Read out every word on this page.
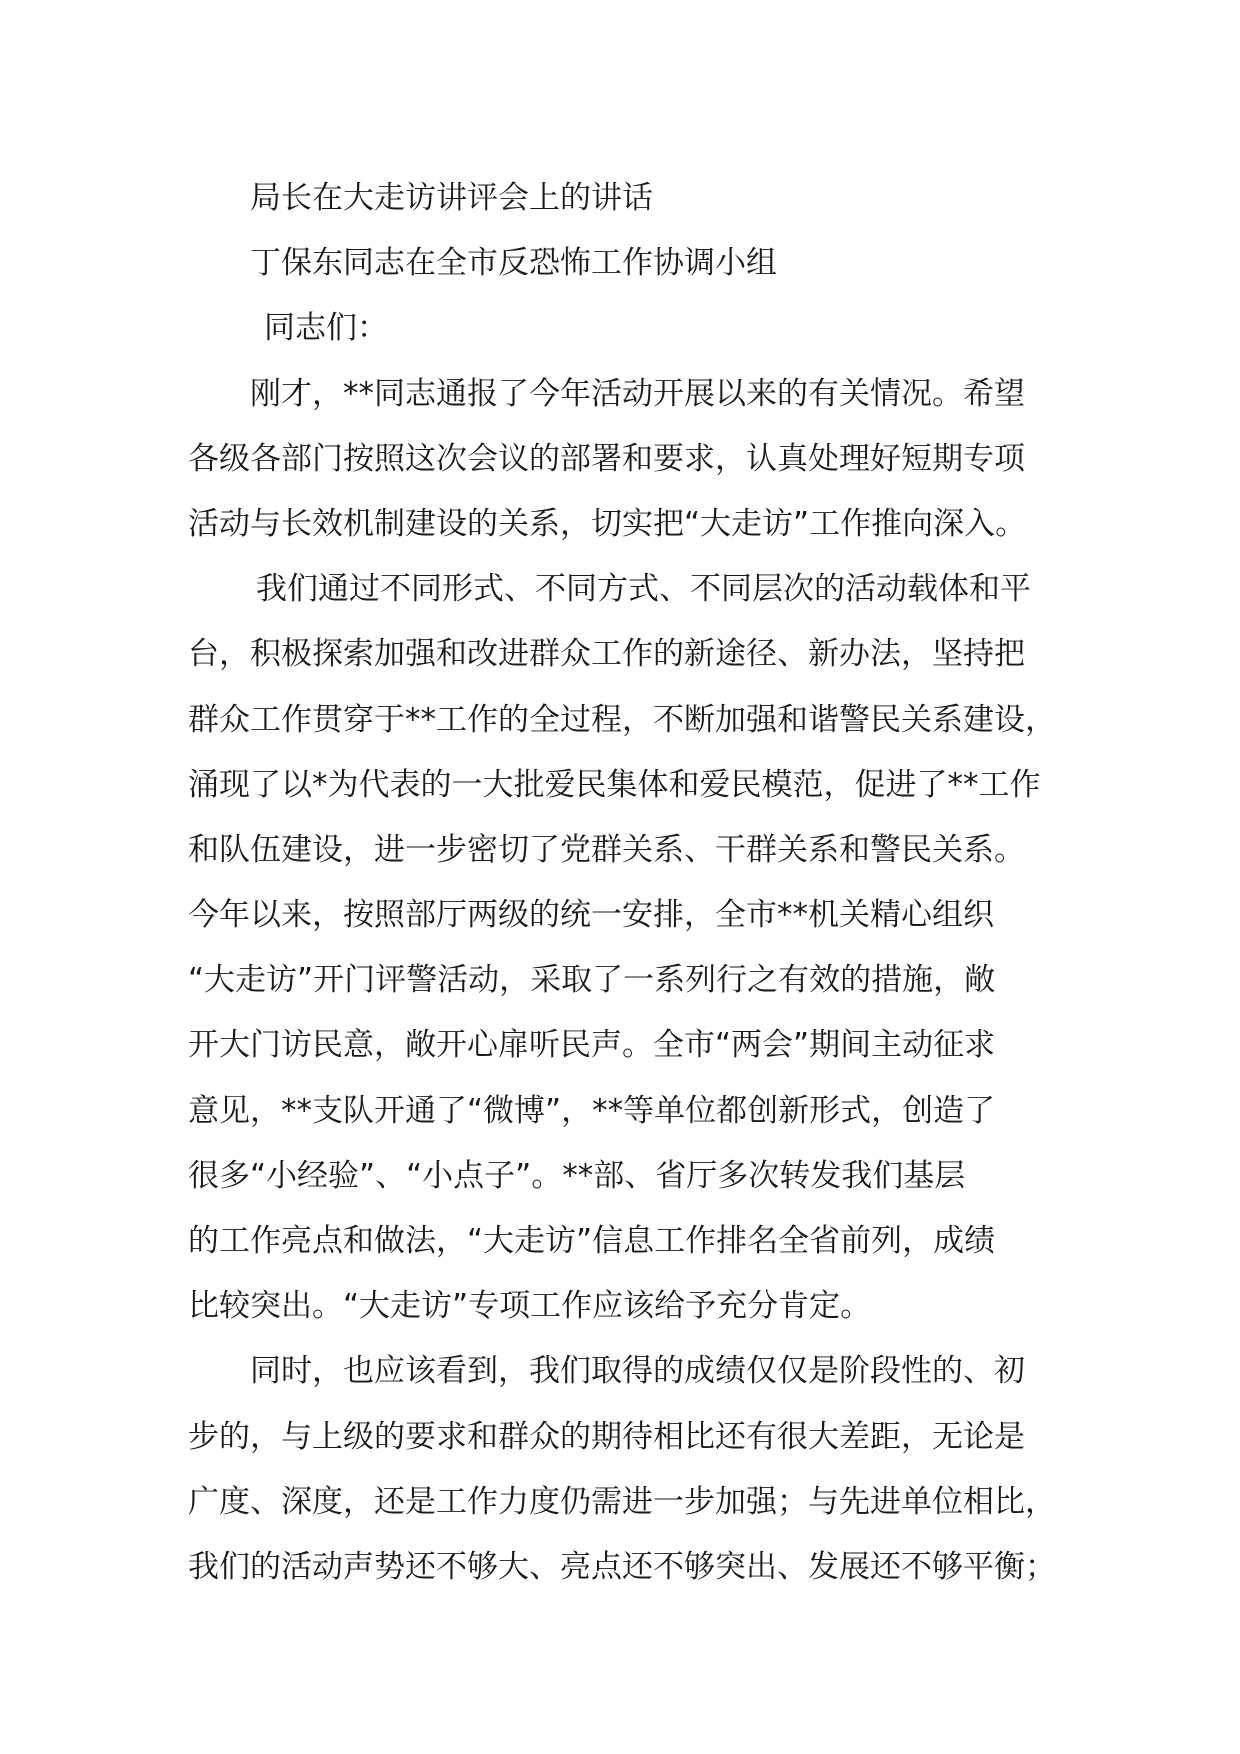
局长在大走访讲评会上的讲话
丁保东同志在全市反恐怖工作协调小组
同志们：
刚才，**同志通报了今年活动开展以来的有关情况。希望
各级各部门按照这次会议的部署和要求，认真处理好短期专项
活动与长效机制建设的关系，切实把“大走访”工作推向深入。
我们通过不同形式、不同方式、不同层次的活动载体和平
台，积极探索加强和改进群众工作的新途径、新办法，坚持把
群众工作贯穿于**工作的全过程，不断加强和谐警民关系建设，
涌现了以*为代表的一大批爱民集体和爱民模范，促进了**工作
和队伍建设，进一步密切了党群关系、干群关系和警民关系。
今年以来，按照部厅两级的统一安排，全市**机关精心组织
“大走访”开门评警活动，采取了一系列行之有效的措施，敞
开大门访民意，敞开心扉听民声。全市“两会”期间主动征求
意见，**支队开通了“微博”，**等单位都创新形式，创造了
很多“小经验”、“小点子”。**部、省厅多次转发我们基层
的工作亮点和做法，“大走访”信息工作排名全省前列，成绩
比较突出。“大走访”专项工作应该给予充分肯定。
同时，也应该看到，我们取得的成绩仅仅是阶段性的、初
步的，与上级的要求和群众的期待相比还有很大差距，无论是
广度、深度，还是工作力度仍需进一步加强；与先进单位相比，
我们的活动声势还不够大、亮点还不够突出、发展还不够平衡；
